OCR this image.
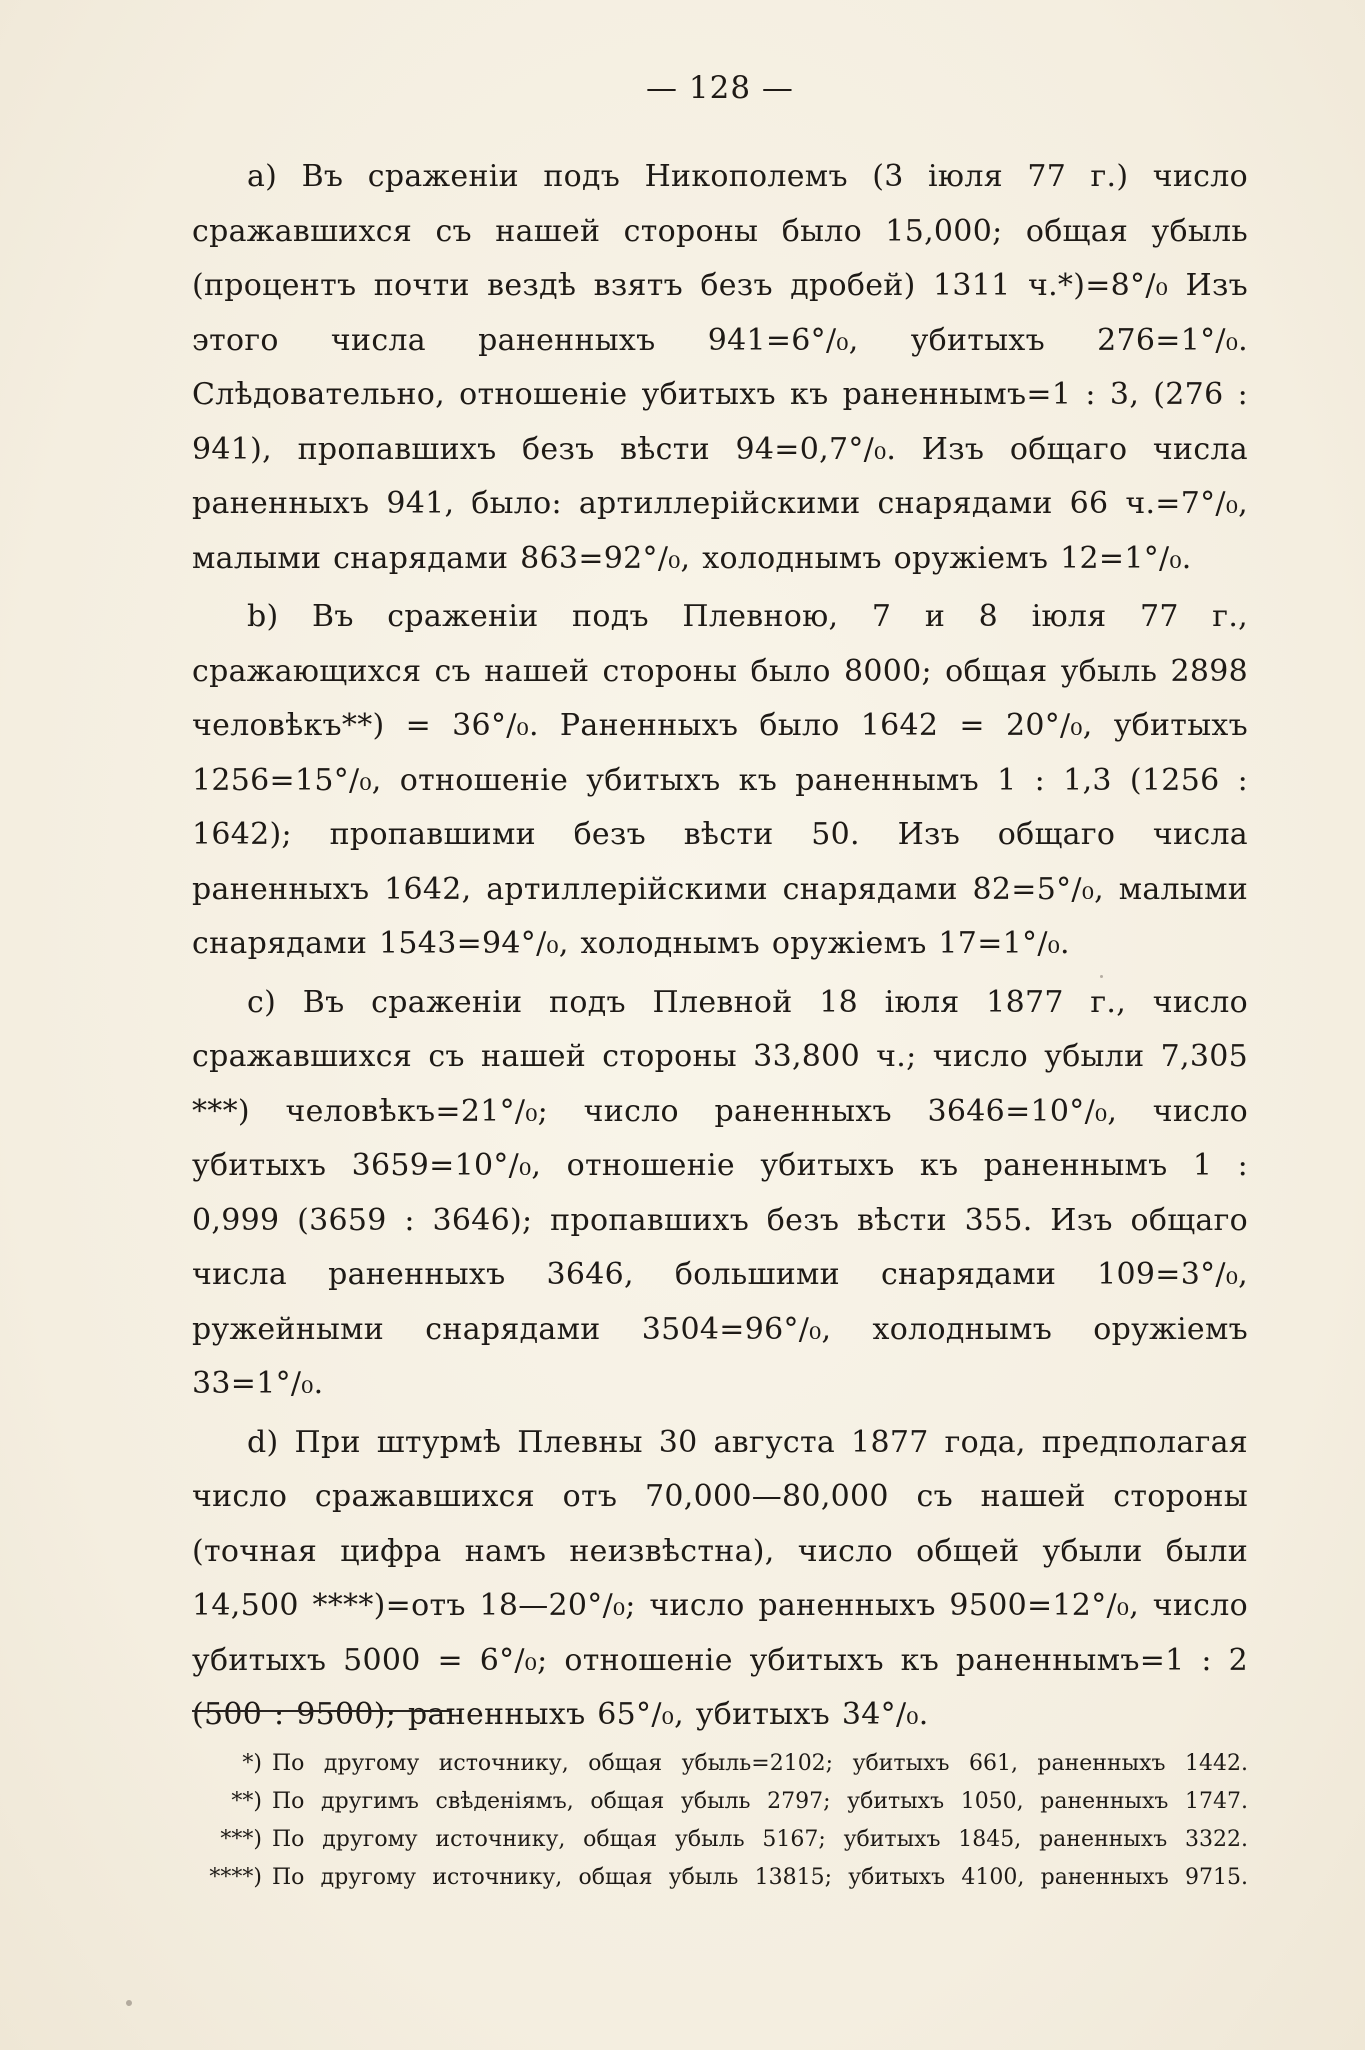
— 128 —

а) Въ сраженіи подъ Никополемъ (3 іюля 77 г.) число сражавшихся съ нашей стороны было 15,000; общая убыль (процентъ почти вездѣ взятъ безъ дробей) 1311 ч.*)=8°/₀ Изъ этого числа раненныхъ 941=6°/₀, убитыхъ 276=1°/₀. Слѣдовательно, отношеніе убитыхъ къ раненнымъ=1 : 3, (276 : 941), пропавшихъ безъ вѣсти 94=0,7°/₀. Изъ общаго числа раненныхъ 941, было: артиллерійскими снарядами 66 ч.=7°/₀, малыми снарядами 863=92°/₀, холоднымъ оружіемъ 12=1°/₀.

b) Въ сраженіи подъ Плевною, 7 и 8 іюля 77 г., сражающихся съ нашей стороны было 8000; общая убыль 2898 человѣкъ**) = 36°/₀. Раненныхъ было 1642 = 20°/₀, убитыхъ 1256=15°/₀, отношеніе убитыхъ къ раненнымъ 1 : 1,3 (1256 : 1642); пропавшими безъ вѣсти 50. Изъ общаго числа раненныхъ 1642, артиллерійскими снарядами 82=5°/₀, малыми снарядами 1543=94°/₀, холоднымъ оружіемъ 17=1°/₀.

с) Въ сраженіи подъ Плевной 18 іюля 1877 г., число сражавшихся съ нашей стороны 33,800 ч.; число убыли 7,305 ***) человѣкъ=21°/₀; число раненныхъ 3646=10°/₀, число убитыхъ 3659=10°/₀, отношеніе убитыхъ къ раненнымъ 1 : 0,999 (3659 : 3646); пропавшихъ безъ вѣсти 355. Изъ общаго числа раненныхъ 3646, большими снарядами 109=3°/₀, ружейными снарядами 3504=96°/₀, холоднымъ оружіемъ 33=1°/₀.

d) При штурмѣ Плевны 30 августа 1877 года, предполагая число сражавшихся отъ 70,000—80,000 съ нашей стороны (точная цифра намъ неизвѣстна), число общей убыли были 14,500 ****)=отъ 18—20°/₀; число раненныхъ 9500=12°/₀, число убитыхъ 5000 = 6°/₀; отношеніе убитыхъ къ раненнымъ=1 : 2 (500 : 9500); раненныхъ 65°/₀, убитыхъ 34°/₀.

*) По другому источнику, общая убыль=2102; убитыхъ 661, раненныхъ 1442.
**) По другимъ свѣденіямъ, общая убыль 2797; убитыхъ 1050, раненныхъ 1747.
***) По другому источнику, общая убыль 5167; убитыхъ 1845, раненныхъ 3322.
****) По другому источнику, общая убыль 13815; убитыхъ 4100, раненныхъ 9715.
